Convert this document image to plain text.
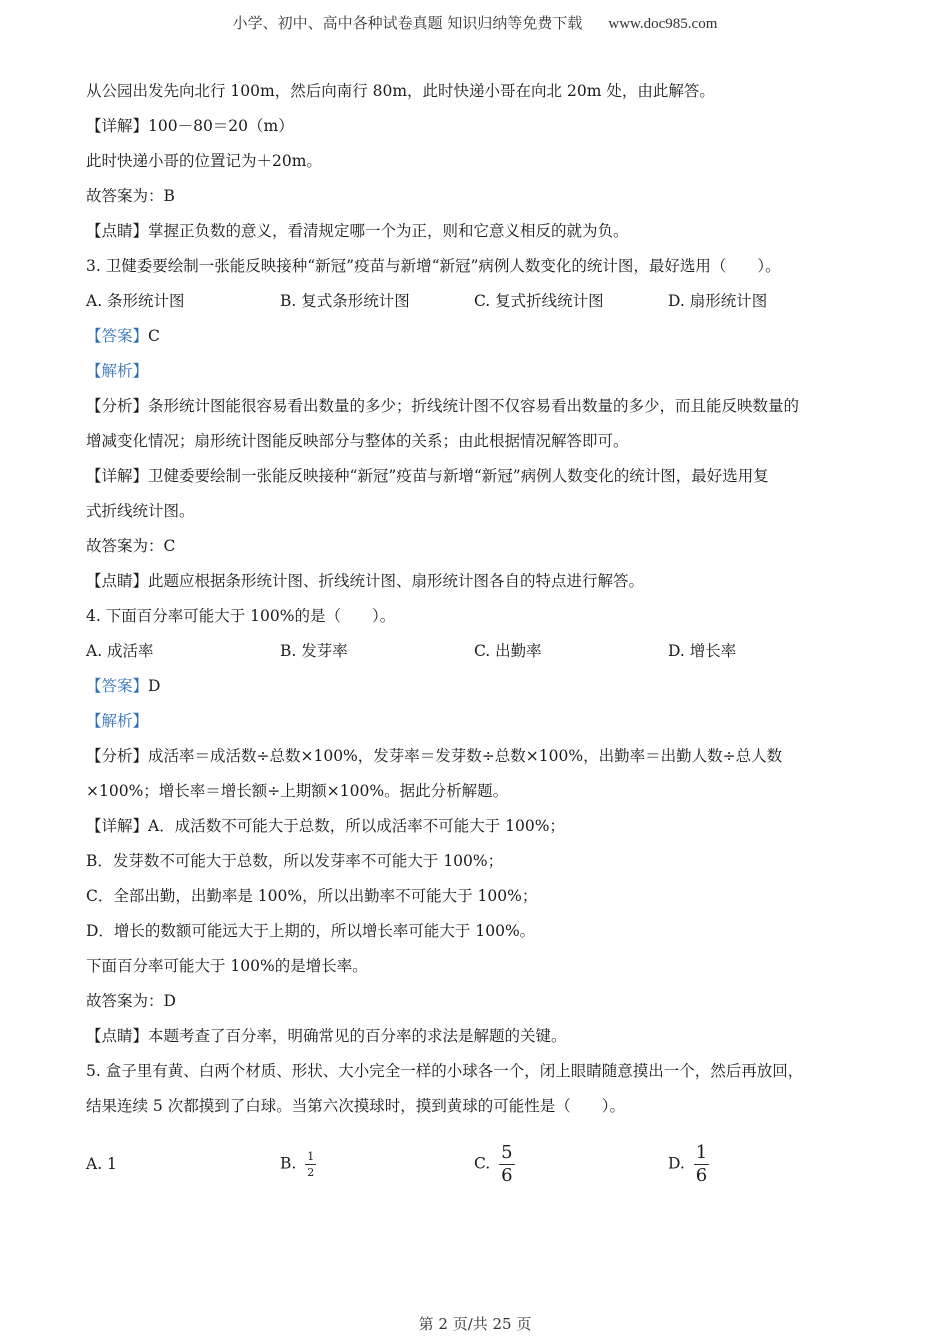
小学、初中、高中各种试卷真题 知识归纳等免费下载 www.doc985.com
从公园出发先向北行 100m，然后向南行 80m，此时快递小哥在向北 20m 处，由此解答。
【详解】100－80＝20（m）
此时快递小哥的位置记为＋20m。
故答案为：B
【点睛】掌握正负数的意义，看清规定哪一个为正，则和它意义相反的就为负。
3. 卫健委要绘制一张能反映接种“新冠”疫苗与新增“新冠”病例人数变化的统计图，最好选用（　　）。
A. 条形统计图	B. 复式条形统计图	C. 复式折线统计图	D. 扇形统计图
【答案】C
【解析】
【分析】条形统计图能很容易看出数量的多少；折线统计图不仅容易看出数量的多少，而且能反映数量的
增减变化情况；扇形统计图能反映部分与整体的关系；由此根据情况解答即可。
【详解】卫健委要绘制一张能反映接种“新冠”疫苗与新增“新冠”病例人数变化的统计图，最好选用复
式折线统计图。
故答案为：C
【点睛】此题应根据条形统计图、折线统计图、扇形统计图各自的特点进行解答。
4. 下面百分率可能大于 100%的是（　　）。
A. 成活率	B. 发芽率	C. 出勤率	D. 增长率
【答案】D
【解析】
【分析】成活率＝成活数÷总数×100%，发芽率＝发芽数÷总数×100%，出勤率＝出勤人数÷总人数
×100%；增长率＝增长额÷上期额×100%。据此分析解题。
【详解】A．成活数不可能大于总数，所以成活率不可能大于 100%；
B．发芽数不可能大于总数，所以发芽率不可能大于 100%；
C．全部出勤，出勤率是 100%，所以出勤率不可能大于 100%；
D．增长的数额可能远大于上期的，所以增长率可能大于 100%。
下面百分率可能大于 100%的是增长率。
故答案为：D
【点睛】本题考查了百分率，明确常见的百分率的求法是解题的关键。
5. 盒子里有黄、白两个材质、形状、大小完全一样的小球各一个，闭上眼睛随意摸出一个，然后再放回，
结果连续 5 次都摸到了白球。当第六次摸球时，摸到黄球的可能性是（　　）。
A. 1	B. $\frac{1}{2}$	C. $\frac{5}{6}$	D. $\frac{1}{6}$
第 2 页/共 25 页
